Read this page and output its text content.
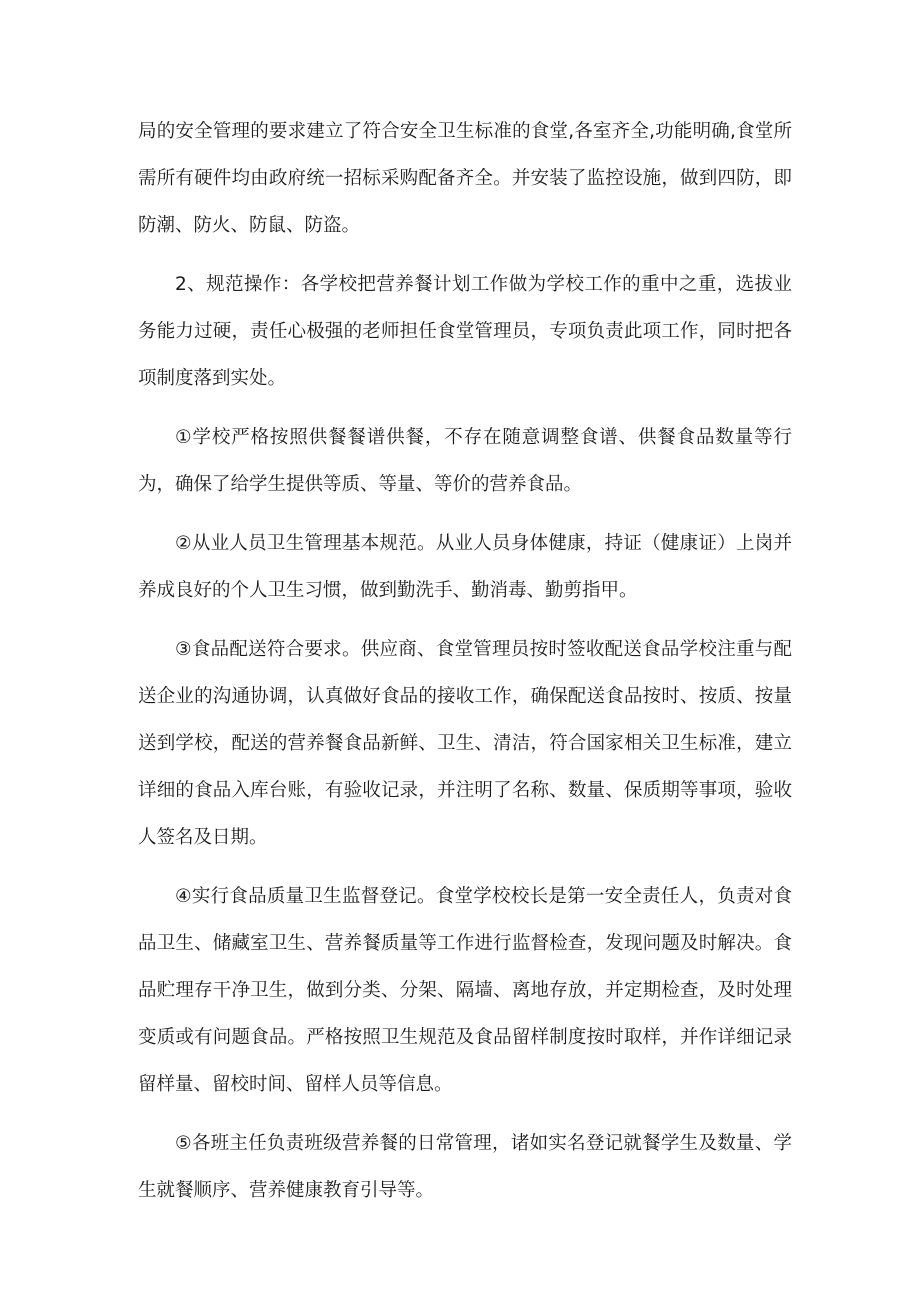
局的安全管理的要求建立了符合安全卫生标准的食堂,各室齐全,功能明确,食堂所需所有硬件均由政府统一招标采购配备齐全。并安装了监控设施，做到四防，即防潮、防火、防鼠、防盗。

2、规范操作：各学校把营养餐计划工作做为学校工作的重中之重，选拔业务能力过硬，责任心极强的老师担任食堂管理员，专项负责此项工作，同时把各项制度落到实处。

①学校严格按照供餐餐谱供餐，不存在随意调整食谱、供餐食品数量等行为，确保了给学生提供等质、等量、等价的营养食品。

②从业人员卫生管理基本规范。从业人员身体健康，持证（健康证）上岗并养成良好的个人卫生习惯，做到勤洗手、勤消毒、勤剪指甲。

③食品配送符合要求。供应商、食堂管理员按时签收配送食品学校注重与配送企业的沟通协调，认真做好食品的接收工作，确保配送食品按时、按质、按量送到学校，配送的营养餐食品新鲜、卫生、清洁，符合国家相关卫生标准，建立详细的食品入库台账，有验收记录，并注明了名称、数量、保质期等事项，验收人签名及日期。

④实行食品质量卫生监督登记。食堂学校校长是第一安全责任人，负责对食品卫生、储藏室卫生、营养餐质量等工作进行监督检查，发现问题及时解决。食品贮理存干净卫生，做到分类、分架、隔墙、离地存放，并定期检查，及时处理变质或有问题食品。严格按照卫生规范及食品留样制度按时取样，并作详细记录留样量、留校时间、留样人员等信息。

⑤各班主任负责班级营养餐的日常管理，诸如实名登记就餐学生及数量、学生就餐顺序、营养健康教育引导等。
